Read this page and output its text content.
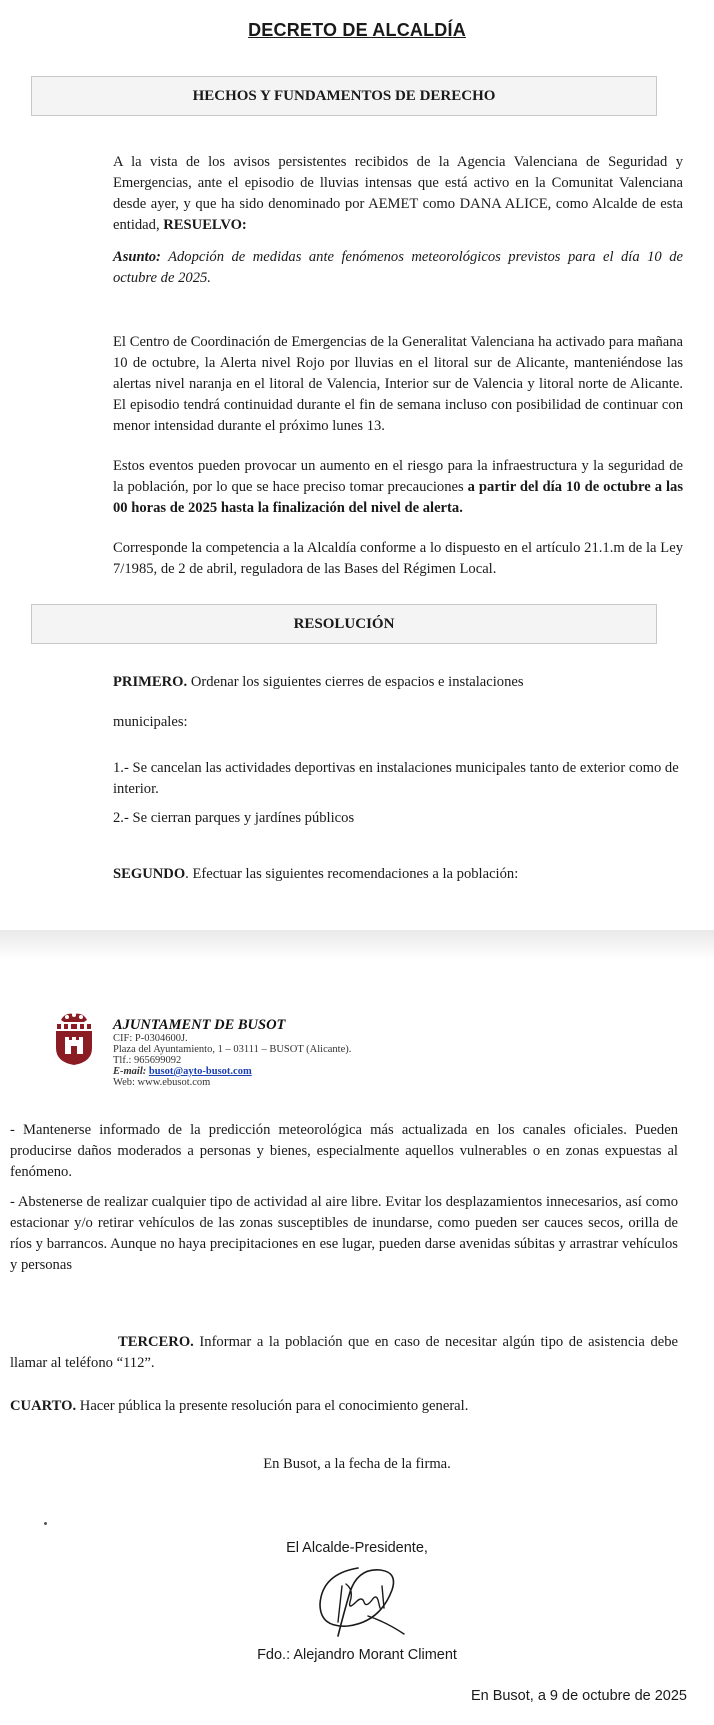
DECRETO DE ALCALDÍA
HECHOS Y FUNDAMENTOS DE DERECHO
A la vista de los avisos persistentes recibidos de la Agencia Valenciana de Seguridad y Emergencias, ante el episodio de lluvias intensas que está activo en la Comunitat Valenciana desde ayer, y que ha sido denominado por AEMET como DANA ALICE, como Alcalde de esta entidad, RESUELVO:
Asunto: Adopción de medidas ante fenómenos meteorológicos previstos para el día 10 de octubre de 2025.
El Centro de Coordinación de Emergencias de la Generalitat Valenciana ha activado para mañana 10 de octubre, la Alerta nivel Rojo por lluvias en el litoral sur de Alicante, manteniéndose las alertas nivel naranja en el litoral de Valencia, Interior sur de Valencia y litoral norte de Alicante. El episodio tendrá continuidad durante el fin de semana incluso con posibilidad de continuar con menor intensidad durante el próximo lunes 13.
Estos eventos pueden provocar un aumento en el riesgo para la infraestructura y la seguridad de la población, por lo que se hace preciso tomar precauciones a partir del día 10 de octubre a las 00 horas de 2025 hasta la finalización del nivel de alerta.
Corresponde la competencia a la Alcaldía conforme a lo dispuesto en el artículo 21.1.m de la Ley 7/1985, de 2 de abril, reguladora de las Bases del Régimen Local.
RESOLUCIÓN
PRIMERO. Ordenar los siguientes cierres de espacios e instalaciones
municipales:
1.- Se cancelan las actividades deportivas en instalaciones municipales tanto de exterior como de interior.
2.- Se cierran parques y jardínes públicos
SEGUNDO. Efectuar las siguientes recomendaciones a la población:
AJUNTAMENT DE BUSOT
CIF: P-0304600J.
Plaza del Ayuntamiento, 1 – 03111 – BUSOT (Alicante).
Tlf.: 965699092
E-mail: busot@ayto-busot.com
Web: www.ebusot.com
- Mantenerse informado de la predicción meteorológica más actualizada en los canales oficiales. Pueden producirse daños moderados a personas y bienes, especialmente aquellos vulnerables o en zonas expuestas al fenómeno.
- Abstenerse de realizar cualquier tipo de actividad al aire libre. Evitar los desplazamientos innecesarios, así como estacionar y/o retirar vehículos de las zonas susceptibles de inundarse, como pueden ser cauces secos, orilla de ríos y barrancos. Aunque no haya precipitaciones en ese lugar, pueden darse avenidas súbitas y arrastrar vehículos y personas
TERCERO. Informar a la población que en caso de necesitar algún tipo de asistencia debe llamar al teléfono “112”.
CUARTO. Hacer pública la presente resolución para el conocimiento general.
En Busot, a la fecha de la firma.
El Alcalde-Presidente,
Fdo.: Alejandro Morant Climent
En Busot, a 9 de octubre de 2025
